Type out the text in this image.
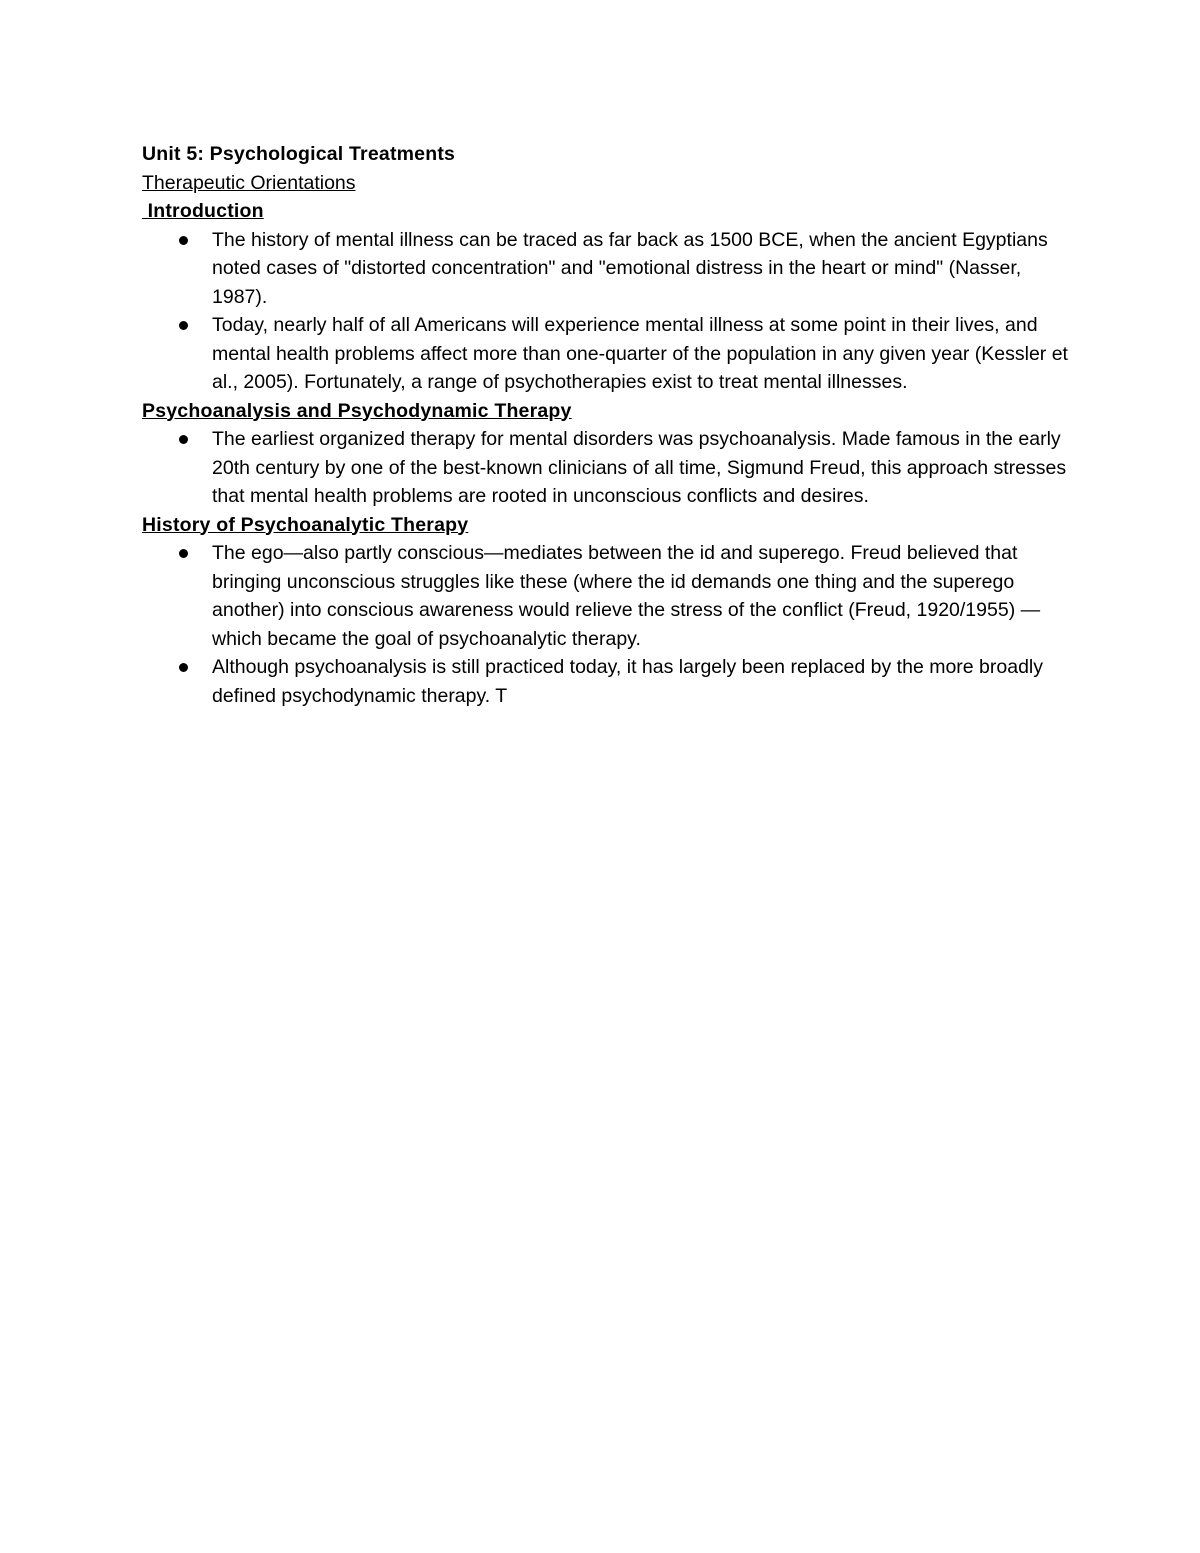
Unit 5: Psychological Treatments

Therapeutic Orientations

Introduction

The history of mental illness can be traced as far back as 1500 BCE, when the ancient Egyptians noted cases of "distorted concentration" and "emotional distress in the heart or mind" (Nasser, 1987).
Today, nearly half of all Americans will experience mental illness at some point in their lives, and mental health problems affect more than one-quarter of the population in any given year (Kessler et al., 2005). Fortunately, a range of psychotherapies exist to treat mental illnesses.

Psychoanalysis and Psychodynamic Therapy

The earliest organized therapy for mental disorders was psychoanalysis. Made famous in the early 20th century by one of the best-known clinicians of all time, Sigmund Freud, this approach stresses that mental health problems are rooted in unconscious conflicts and desires.

History of Psychoanalytic Therapy

The ego—also partly conscious—mediates between the id and superego. Freud believed that bringing unconscious struggles like these (where the id demands one thing and the superego another) into conscious awareness would relieve the stress of the conflict (Freud, 1920/1955) —which became the goal of psychoanalytic therapy.
Although psychoanalysis is still practiced today, it has largely been replaced by the more broadly defined psychodynamic therapy. T
